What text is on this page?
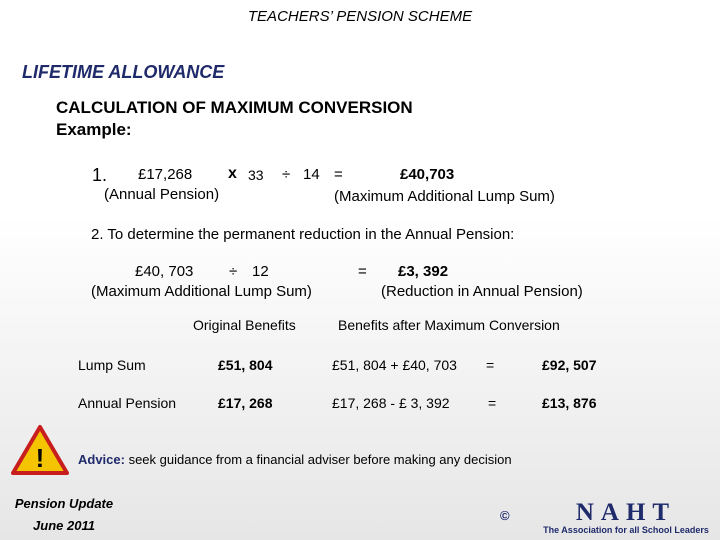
TEACHERS’ PENSION SCHEME
LIFETIME ALLOWANCE
CALCULATION OF MAXIMUM CONVERSION
Example:
1. £17,268 x 33 ÷ 14 =	£40,703
(Annual Pension)	(Maximum Additional Lump Sum)
2. To determine the permanent reduction in the Annual Pension:
£40, 703 ÷ 12	= £3, 392
(Maximum Additional Lump Sum)	(Reduction in Annual Pension)
Original Benefits	Benefits after Maximum Conversion
Lump Sum	£51, 804	£51, 804 + £40, 703 =	£92, 507
Annual Pension	£17, 268	£17, 268 - £ 3, 392	=	£13, 876
!	Advice: seek guidance from a financial adviser before making any decision
Pension Update
June 2011
©	NAHT
The Association for all School Leaders
